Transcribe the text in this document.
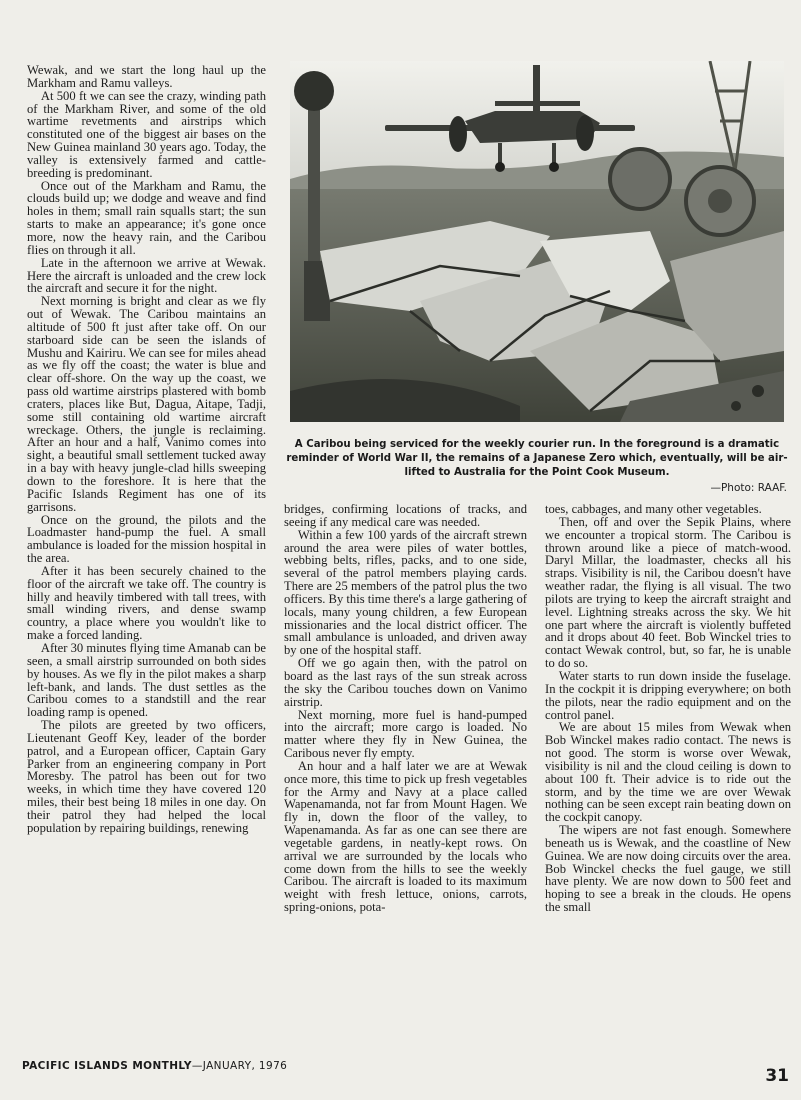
Wewak, and we start the long haul up the Markham and Ramu valleys.

At 500 ft we can see the crazy, winding path of the Markham River, and some of the old wartime revetments and airstrips which constituted one of the biggest air bases on the New Guinea mainland 30 years ago. Today, the valley is extensively farmed and cattle-breeding is predominant.

Once out of the Markham and Ramu, the clouds build up; we dodge and weave and find holes in them; small rain squalls start; the sun starts to make an appearance; it's gone once more, now the heavy rain, and the Caribou flies on through it all.

Late in the afternoon we arrive at Wewak. Here the aircraft is unloaded and the crew lock the aircraft and secure it for the night.

Next morning is bright and clear as we fly out of Wewak. The Caribou maintains an altitude of 500 ft just after take off. On our starboard side can be seen the islands of Mushu and Kairiru. We can see for miles ahead as we fly off the coast; the water is blue and clear off-shore. On the way up the coast, we pass old wartime airstrips plastered with bomb craters, places like But, Dagua, Aitape, Tadji, some still containing old wartime aircraft wreckage. Others, the jungle is reclaiming. After an hour and a half, Vanimo comes into sight, a beautiful small settlement tucked away in a bay with heavy jungle-clad hills sweeping down to the foreshore. It is here that the Pacific Islands Regiment has one of its garrisons.

Once on the ground, the pilots and the Loadmaster hand-pump the fuel. A small ambulance is loaded for the mission hospital in the area.

After it has been securely chained to the floor of the aircraft we take off. The country is hilly and heavily timbered with tall trees, with small winding rivers, and dense swamp country, a place where you wouldn't like to make a forced landing.

After 30 minutes flying time Amanab can be seen, a small airstrip surrounded on both sides by houses. As we fly in the pilot makes a sharp left-bank, and lands. The dust settles as the Caribou comes to a standstill and the rear loading ramp is opened.

The pilots are greeted by two officers, Lieutenant Geoff Key, leader of the border patrol, and a European officer, Captain Gary Parker from an engineering company in Port Moresby. The patrol has been out for two weeks, in which time they have covered 120 miles, their best being 18 miles in one day. On their patrol they had helped the local population by repairing buildings, renewing

A Caribou being serviced for the weekly courier run. In the foreground is a dramatic reminder of World War II, the remains of a Japanese Zero which, eventually, will be air-lifted to Australia for the Point Cook Museum.
—Photo: RAAF.

bridges, confirming locations of tracks, and seeing if any medical care was needed.

Within a few 100 yards of the aircraft strewn around the area were piles of water bottles, webbing belts, rifles, packs, and to one side, several of the patrol members playing cards. There are 25 members of the patrol plus the two officers. By this time there's a large gathering of locals, many young children, a few European missionaries and the local district officer. The small ambulance is unloaded, and driven away by one of the hospital staff.

Off we go again then, with the patrol on board as the last rays of the sun streak across the sky the Caribou touches down on Vanimo airstrip.

Next morning, more fuel is hand-pumped into the aircraft; more cargo is loaded. No matter where they fly in New Guinea, the Caribous never fly empty.

An hour and a half later we are at Wewak once more, this time to pick up fresh vegetables for the Army and Navy at a place called Wapenamanda, not far from Mount Hagen. We fly in, down the floor of the valley, to Wapenamanda. As far as one can see there are vegetable gardens, in neatly-kept rows. On arrival we are surrounded by the locals who come down from the hills to see the weekly Caribou. The aircraft is loaded to its maximum weight with fresh lettuce, onions, carrots, spring-onions, pota-

toes, cabbages, and many other vegetables.

Then, off and over the Sepik Plains, where we encounter a tropical storm. The Caribou is thrown around like a piece of match-wood. Daryl Millar, the loadmaster, checks all his straps. Visibility is nil, the Caribou doesn't have weather radar, the flying is all visual. The two pilots are trying to keep the aircraft straight and level. Lightning streaks across the sky. We hit one part where the aircraft is violently buffeted and it drops about 40 feet. Bob Winckel tries to contact Wewak control, but, so far, he is unable to do so.

Water starts to run down inside the fuselage. In the cockpit it is dripping everywhere; on both the pilots, near the radio equipment and on the control panel.

We are about 15 miles from Wewak when Bob Winckel makes radio contact. The news is not good. The storm is worse over Wewak, visibility is nil and the cloud ceiling is down to about 100 ft. Their advice is to ride out the storm, and by the time we are over Wewak nothing can be seen except rain beating down on the cockpit canopy.

The wipers are not fast enough. Somewhere beneath us is Wewak, and the coastline of New Guinea. We are now doing circuits over the area. Bob Winckel checks the fuel gauge, we still have plenty. We are now down to 500 feet and hoping to see a break in the clouds. He opens the small

PACIFIC ISLANDS MONTHLY—JANUARY, 1976	31
